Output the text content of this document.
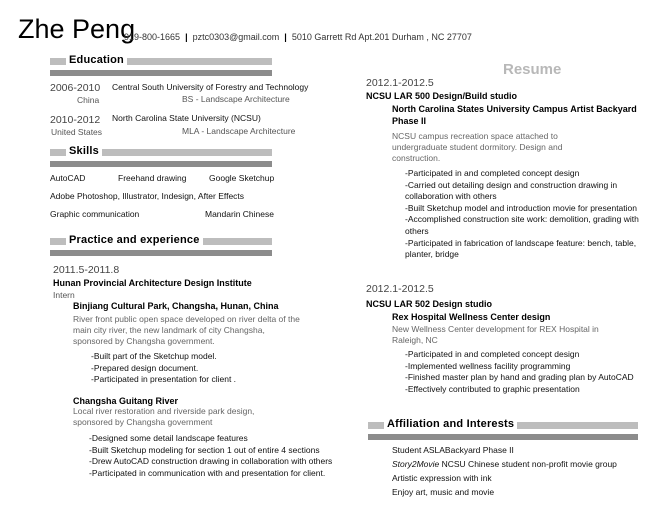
Zhe Peng
919-800-1665 | pztc0303@gmail.com | 5010 Garrett Rd Apt.201 Durham , NC 27707
Resume
Education
2006-2010
China
Central South University of Forestry and Technology
BS - Landscape Architecture
2010-2012
United States
North Carolina State University (NCSU)
MLA - Landscape Architecture
Skills
AutoCAD	Freehand drawing	Google Sketchup
Adobe Photoshop, Illustrator, Indesign, After Effects
Graphic communication	Mandarin Chinese
Practice and experience
2011.5-2011.8
Hunan Provincial Architecture Design Institute
Intern
Binjiang Cultural Park, Changsha, Hunan, China
River front public open space developed on river delta of the main city river, the new landmark of city Changsha, sponsored by Changsha government.
-Built part of the Sketchup model.
-Prepared design document.
-Participated in presentation for client .
Changsha Guitang River
Local river restoration and riverside park design, sponsored by Changsha government
-Designed some detail landscape features
-Built Sketchup modeling for section 1 out of entire 4 sections
-Drew AutoCAD construction drawing in collaboration with others
-Participated in communication with and presentation for client.
2012.1-2012.5
NCSU LAR 500 Design/Build studio
North Carolina States University Campus Artist Backyard Phase II
NCSU campus recreation space attached to undergraduate student dormitory. Design and construction.
-Participated in and completed concept design
-Carried out detailing design and construction drawing in collaboration with others
-Built Sketchup model and introduction movie for presentation
-Accomplished construction site work: demolition, grading with others
-Participated in fabrication of landscape feature: bench, table, planter, bridge
2012.1-2012.5
NCSU LAR 502 Design studio
Rex Hospital Wellness Center design
New Wellness Center development for REX Hospital in Raleigh, NC
-Participated in and completed concept design
-Implemented wellness facility programming
-Finished master plan by hand and grading plan by AutoCAD
-Effectively contributed to graphic presentation
Affiliation and Interests
Student ASLABackyard Phase II
Story2Movie NCSU Chinese student non-profit movie group
Artistic expression with ink
Enjoy art, music and movie
